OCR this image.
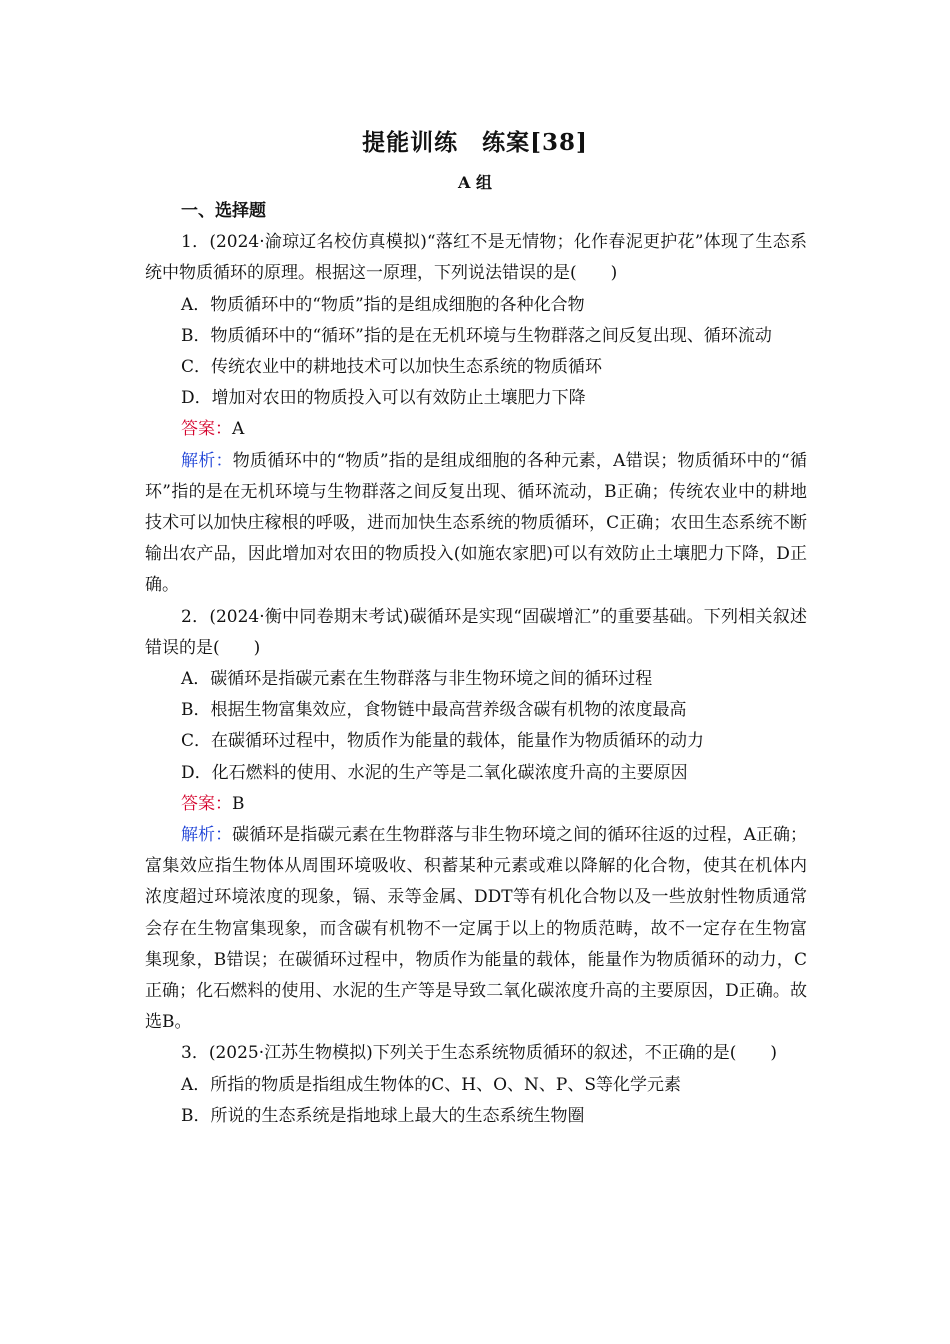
提能训练　练案[38]
A 组

一、选择题

1．(2024·渝琼辽名校仿真模拟)“落红不是无情物；化作春泥更护花”体现了生态系统中物质循环的原理。根据这一原理，下列说法错误的是(　　)

A．物质循环中的“物质”指的是组成细胞的各种化合物

B．物质循环中的“循环”指的是在无机环境与生物群落之间反复出现、循环流动

C．传统农业中的耕地技术可以加快生态系统的物质循环

D．增加对农田的物质投入可以有效防止土壤肥力下降

答案：A

解析：物质循环中的“物质”指的是组成细胞的各种元素，A错误；物质循环中的“循环”指的是在无机环境与生物群落之间反复出现、循环流动，B正确；传统农业中的耕地技术可以加快庄稼根的呼吸，进而加快生态系统的物质循环，C正确；农田生态系统不断输出农产品，因此增加对农田的物质投入(如施农家肥)可以有效防止土壤肥力下降，D正确。

2．(2024·衡中同卷期末考试)碳循环是实现“固碳增汇”的重要基础。下列相关叙述错误的是(　　)

A．碳循环是指碳元素在生物群落与非生物环境之间的循环过程

B．根据生物富集效应，食物链中最高营养级含碳有机物的浓度最高

C．在碳循环过程中，物质作为能量的载体，能量作为物质循环的动力

D．化石燃料的使用、水泥的生产等是二氧化碳浓度升高的主要原因

答案：B

解析：碳循环是指碳元素在生物群落与非生物环境之间的循环往返的过程，A正确；富集效应指生物体从周围环境吸收、积蓄某种元素或难以降解的化合物，使其在机体内浓度超过环境浓度的现象，镉、汞等金属、DDT等有机化合物以及一些放射性物质通常会存在生物富集现象，而含碳有机物不一定属于以上的物质范畴，故不一定存在生物富集现象，B错误；在碳循环过程中，物质作为能量的载体，能量作为物质循环的动力，C正确；化石燃料的使用、水泥的生产等是导致二氧化碳浓度升高的主要原因，D正确。故选B。

3．(2025·江苏生物模拟)下列关于生态系统物质循环的叙述，不正确的是(　　)

A．所指的物质是指组成生物体的C、H、O、N、P、S等化学元素

B．所说的生态系统是指地球上最大的生态系统生物圈
